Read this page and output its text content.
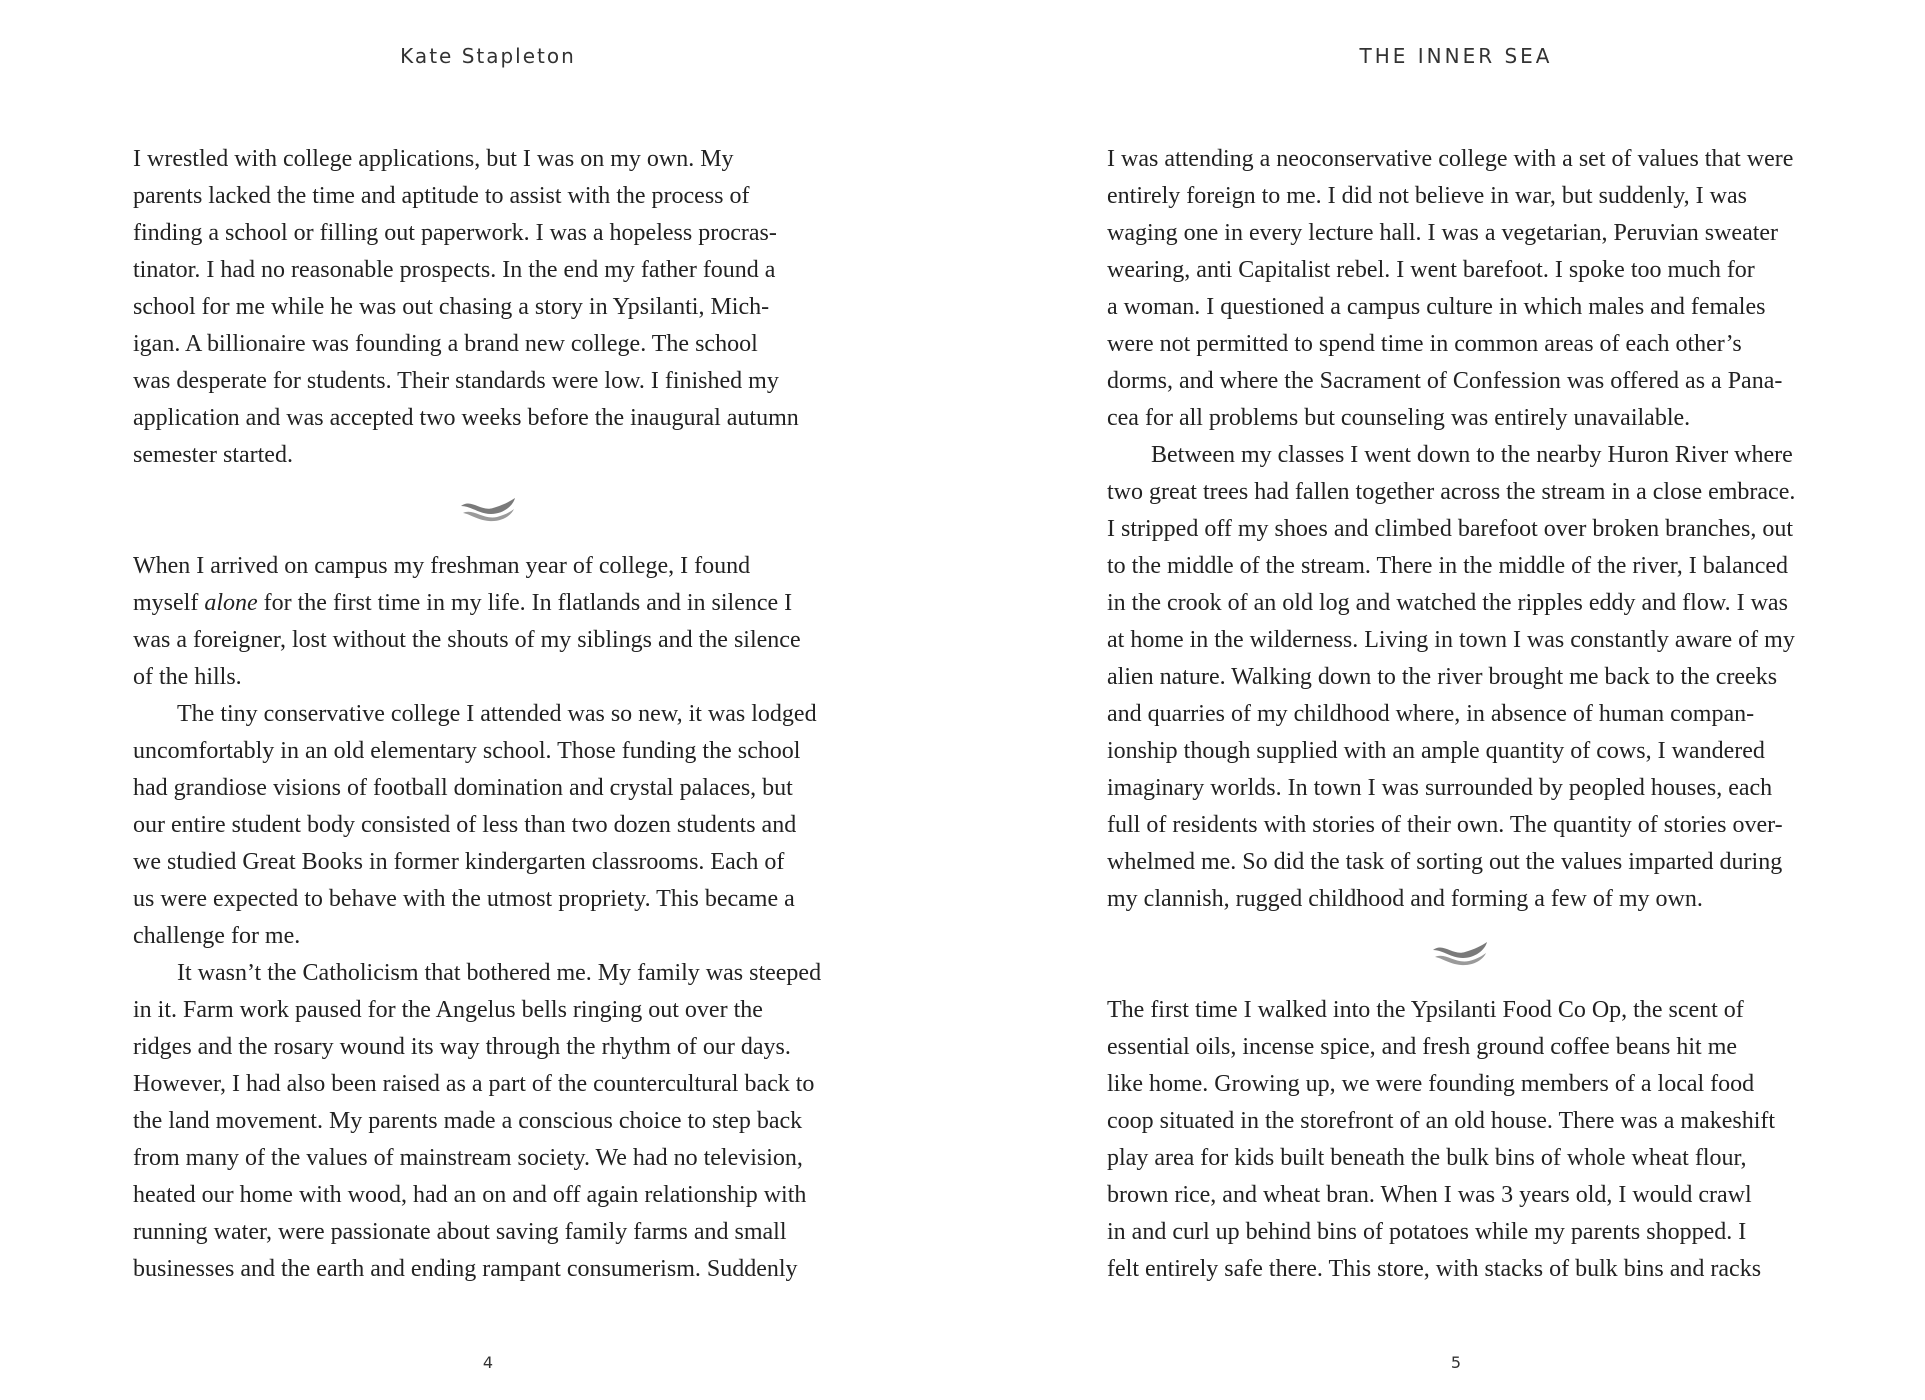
Kate Stapleton
I wrestled with college applications, but I was on my own. My
parents lacked the time and aptitude to assist with the process of
finding a school or filling out paperwork. I was a hopeless procras-
tinator. I had no reasonable prospects. In the end my father found a
school for me while he was out chasing a story in Ypsilanti, Mich-
igan. A billionaire was founding a brand new college. The school
was desperate for students. Their standards were low. I finished my
application and was accepted two weeks before the inaugural autumn
semester started.
When I arrived on campus my freshman year of college, I found
myself alone for the first time in my life. In flatlands and in silence I
was a foreigner, lost without the shouts of my siblings and the silence
of the hills.
The tiny conservative college I attended was so new, it was lodged
uncomfortably in an old elementary school. Those funding the school
had grandiose visions of football domination and crystal palaces, but
our entire student body consisted of less than two dozen students and
we studied Great Books in former kindergarten classrooms. Each of
us were expected to behave with the utmost propriety. This became a
challenge for me.
It wasn’t the Catholicism that bothered me. My family was steeped
in it. Farm work paused for the Angelus bells ringing out over the
ridges and the rosary wound its way through the rhythm of our days.
However, I had also been raised as a part of the countercultural back to
the land movement. My parents made a conscious choice to step back
from many of the values of mainstream society. We had no television,
heated our home with wood, had an on and off again relationship with
running water, were passionate about saving family farms and small
businesses and the earth and ending rampant consumerism. Suddenly
4
THE INNER SEA
I was attending a neoconservative college with a set of values that were
entirely foreign to me. I did not believe in war, but suddenly, I was
waging one in every lecture hall. I was a vegetarian, Peruvian sweater
wearing, anti Capitalist rebel. I went barefoot. I spoke too much for
a woman. I questioned a campus culture in which males and females
were not permitted to spend time in common areas of each other’s
dorms, and where the Sacrament of Confession was offered as a Pana-
cea for all problems but counseling was entirely unavailable.
Between my classes I went down to the nearby Huron River where
two great trees had fallen together across the stream in a close embrace.
I stripped off my shoes and climbed barefoot over broken branches, out
to the middle of the stream. There in the middle of the river, I balanced
in the crook of an old log and watched the ripples eddy and flow. I was
at home in the wilderness. Living in town I was constantly aware of my
alien nature. Walking down to the river brought me back to the creeks
and quarries of my childhood where, in absence of human compan-
ionship though supplied with an ample quantity of cows, I wandered
imaginary worlds. In town I was surrounded by peopled houses, each
full of residents with stories of their own. The quantity of stories over-
whelmed me. So did the task of sorting out the values imparted during
my clannish, rugged childhood and forming a few of my own.
The first time I walked into the Ypsilanti Food Co Op, the scent of
essential oils, incense spice, and fresh ground coffee beans hit me
like home. Growing up, we were founding members of a local food
coop situated in the storefront of an old house. There was a makeshift
play area for kids built beneath the bulk bins of whole wheat flour,
brown rice, and wheat bran. When I was 3 years old, I would crawl
in and curl up behind bins of potatoes while my parents shopped. I
felt entirely safe there. This store, with stacks of bulk bins and racks
5
